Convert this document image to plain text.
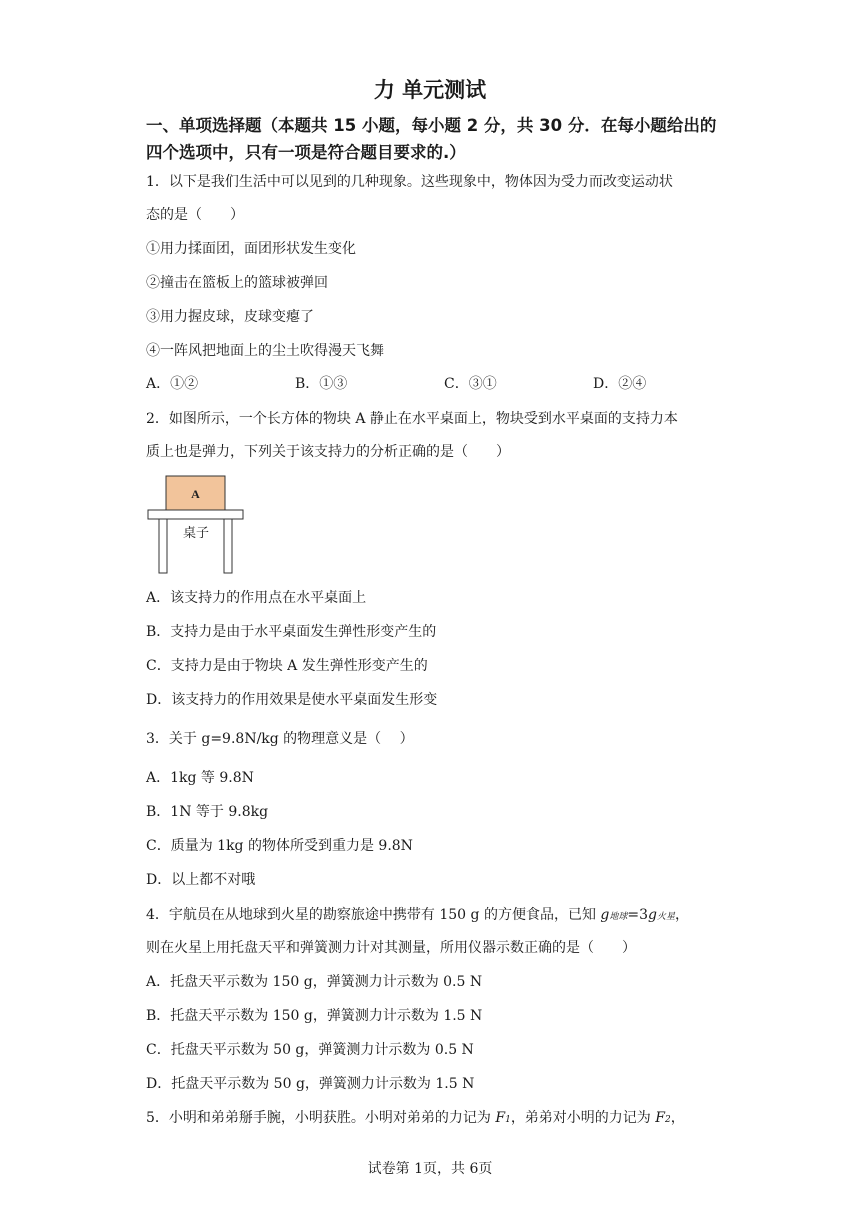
力 单元测试
一、单项选择题（本题共 15 小题，每小题 2 分，共 30 分．在每小题给出的四个选项中，只有一项是符合题目要求的.）
1．以下是我们生活中可以见到的几种现象。这些现象中，物体因为受力而改变运动状
态的是（　　）
①用力揉面团，面团形状发生变化
②撞击在篮板上的篮球被弹回
③用力握皮球，皮球变瘪了
④一阵风把地面上的尘土吹得漫天飞舞
A．①②	B．①③	C．③①	D．②④
2．如图所示，一个长方体的物块 A 静止在水平桌面上，物块受到水平桌面的支持力本
质上也是弹力，下列关于该支持力的分析正确的是（　　）
A
桌子
A．该支持力的作用点在水平桌面上
B．支持力是由于水平桌面发生弹性形变产生的
C．支持力是由于物块 A 发生弹性形变产生的
D．该支持力的作用效果是使水平桌面发生形变
3．关于 g=9.8N/kg 的物理意义是（　 ）
A．1kg 等 9.8N
B．1N 等于 9.8kg
C．质量为 1kg 的物体所受到重力是 9.8N
D．以上都不对哦
4．宇航员在从地球到火星的勘察旅途中携带有 150 g 的方便食品，已知 g地球=3g火星，
则在火星上用托盘天平和弹簧测力计对其测量，所用仪器示数正确的是（　　）
A．托盘天平示数为 150 g，弹簧测力计示数为 0.5 N
B．托盘天平示数为 150 g，弹簧测力计示数为 1.5 N
C．托盘天平示数为 50 g，弹簧测力计示数为 0.5 N
D．托盘天平示数为 50 g，弹簧测力计示数为 1.5 N
5．小明和弟弟掰手腕，小明获胜。小明对弟弟的力记为 F1，弟弟对小明的力记为 F2，
试卷第 1页，共 6页
